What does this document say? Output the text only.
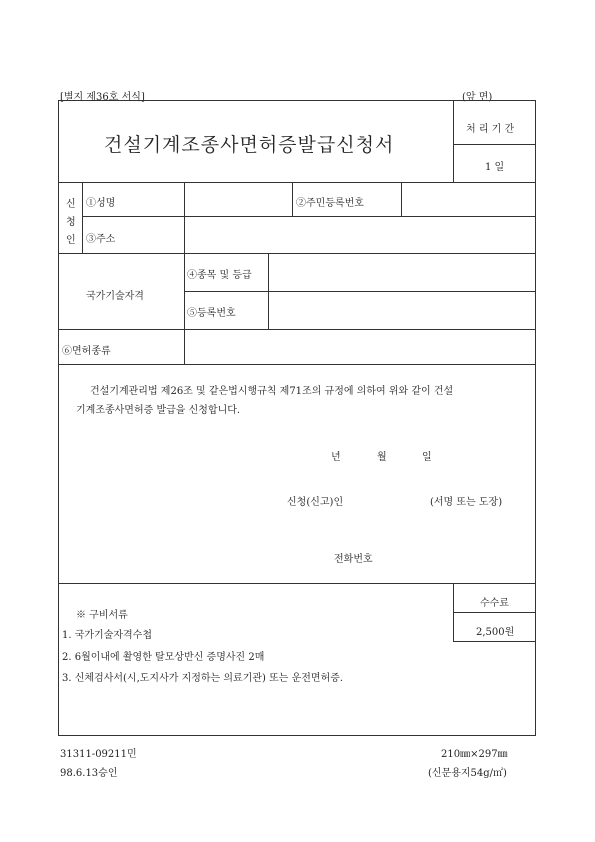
[별지 제36호 서식]	(앞 면)
건설기계조종사면허증발급신청서
처 리 기 간
1 일
신
청
인
①성명	②주민등록번호
③주소
국가기술자격
④종목 및 등급
⑤등록번호
⑥면허종류
건설기계관리법 제26조 및 같은법시행규칙 제71조의 규정에 의하여 위와 같이 건설
기계조종사면허증 발급을 신청합니다.
년	월	일
신청(신고)인	(서명 또는 도장)
전화번호
※ 구비서류
1. 국가기술자격수첩
2. 6월이내에 촬영한 탈모상반신 증명사진 2매
3. 신체검사서(시,도지사가 지정하는 의료기관) 또는 운전면허증.
수수료
2,500원
31311-09211민
98.6.13승인
210㎜×297㎜
(신문용지54g/㎡)
